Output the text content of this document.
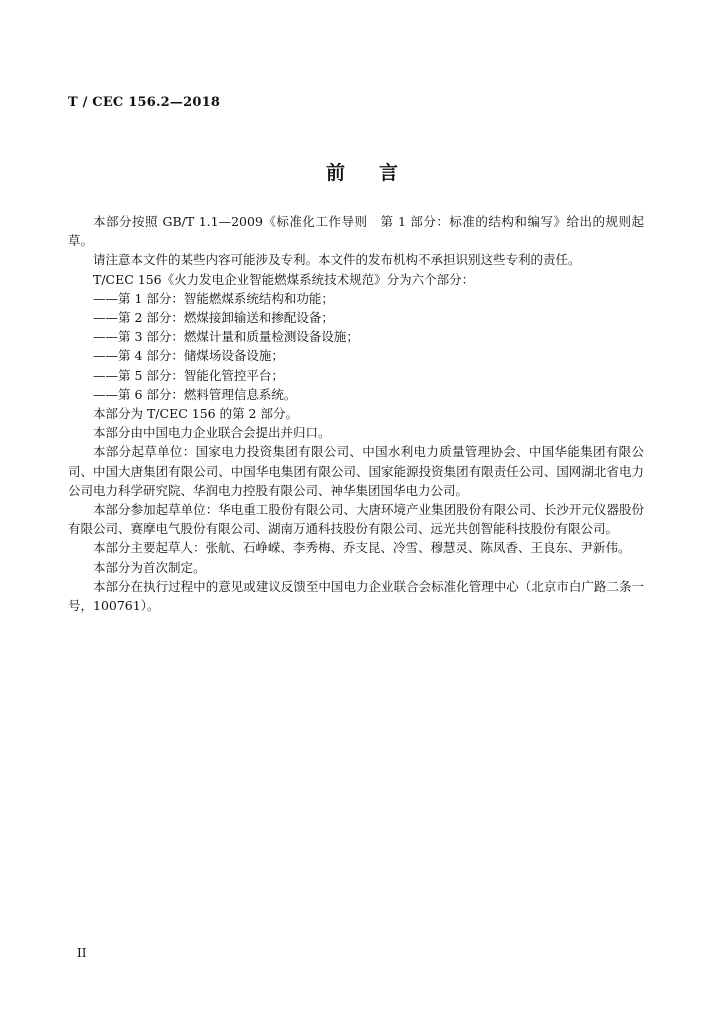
T / CEC 156.2—2018
前 言

本部分按照 GB/T 1.1—2009《标准化工作导则　第 1 部分：标准的结构和编写》给出的规则起草。

请注意本文件的某些内容可能涉及专利。本文件的发布机构不承担识别这些专利的责任。

T/CEC 156《火力发电企业智能燃煤系统技术规范》分为六个部分：

——第 1 部分：智能燃煤系统结构和功能；

——第 2 部分：燃煤接卸输送和掺配设备；

——第 3 部分：燃煤计量和质量检测设备设施；

——第 4 部分：储煤场设备设施；

——第 5 部分：智能化管控平台；

——第 6 部分：燃料管理信息系统。

本部分为 T/CEC 156 的第 2 部分。

本部分由中国电力企业联合会提出并归口。

本部分起草单位：国家电力投资集团有限公司、中国水利电力质量管理协会、中国华能集团有限公司、中国大唐集团有限公司、中国华电集团有限公司、国家能源投资集团有限责任公司、国网湖北省电力公司电力科学研究院、华润电力控股有限公司、神华集团国华电力公司。

本部分参加起草单位：华电重工股份有限公司、大唐环境产业集团股份有限公司、长沙开元仪器股份有限公司、赛摩电气股份有限公司、湖南万通科技股份有限公司、远光共创智能科技股份有限公司。

本部分主要起草人：张航、石峥嵘、李秀梅、乔支昆、冷雪、穆慧灵、陈凤香、王良东、尹新伟。

本部分为首次制定。

本部分在执行过程中的意见或建议反馈至中国电力企业联合会标准化管理中心（北京市白广路二条一号，100761）。

II
